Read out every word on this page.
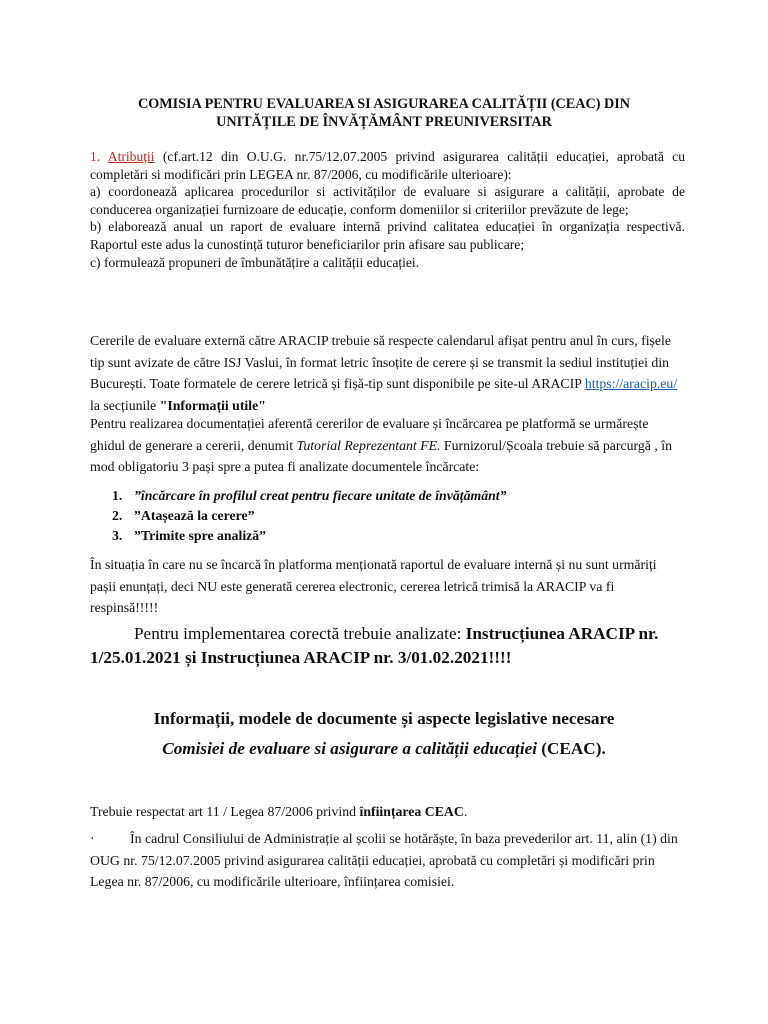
COMISIA PENTRU EVALUAREA SI ASIGURAREA CALITĂȚII (CEAC) DIN
UNITĂȚILE DE ÎNVĂȚĂMÂNT PREUNIVERSITAR
1. Atribuții (cf.art.12 din O.U.G. nr.75/12.07.2005 privind asigurarea calității educației, aprobată cu completări si modificări prin LEGEA nr. 87/2006, cu modificările ulterioare):
a) coordonează aplicarea procedurilor si activităților de evaluare si asigurare a calității, aprobate de conducerea organizației furnizoare de educație, conform domeniilor si criteriilor prevăzute de lege;
b) elaborează anual un raport de evaluare internă privind calitatea educației în organizația respectivă. Raportul este adus la cunostință tuturor beneficiarilor prin afisare sau publicare;
c) formulează propuneri de îmbunătățire a calității educației.
Cererile de evaluare externă către ARACIP trebuie să respecte calendarul afișat pentru anul în curs, fișele tip sunt avizate de către ISJ Vaslui, în format letric însoțite de cerere și se transmit la sediul instituției din București. Toate formatele de cerere letrică și fișă-tip sunt disponibile pe site-ul ARACIP https://aracip.eu/ la secțiunile "Informații utile"
Pentru realizarea documentației aferentă cererilor de evaluare și încărcarea pe platformă se urmărește ghidul de generare a cererii, denumit Tutorial Reprezentant FE. Furnizorul/Școala trebuie să parcurgă , în mod obligatoriu 3 pași spre a putea fi analizate documentele încărcate:
1. ”încărcare în profilul creat pentru fiecare unitate de învățământ”
2. ”Atașează la cerere”
3. ”Trimite spre analiză”
În situația în care nu se încarcă în platforma menționată raportul de evaluare internă și nu sunt urmăriți pașii enunțați, deci NU este generată cererea electronic, cererea letrică trimisă la ARACIP va fi respinsă!!!!!
Pentru implementarea corectă trebuie analizate: Instrucțiunea ARACIP nr. 1/25.01.2021 și Instrucțiunea ARACIP nr. 3/01.02.2021!!!!
Informații, modele de documente și aspecte legislative necesare
Comisiei de evaluare si asigurare a calității educației (CEAC).
Trebuie respectat art 11 / Legea 87/2006 privind înființarea CEAC.
·	În cadrul Consiliului de Administrație al școlii se hotărăște, în baza prevederilor art. 11, alin (1) din OUG nr. 75/12.07.2005 privind asigurarea calității educației, aprobată cu completări și modificări prin Legea nr. 87/2006, cu modificările ulterioare, înființarea comisiei.
